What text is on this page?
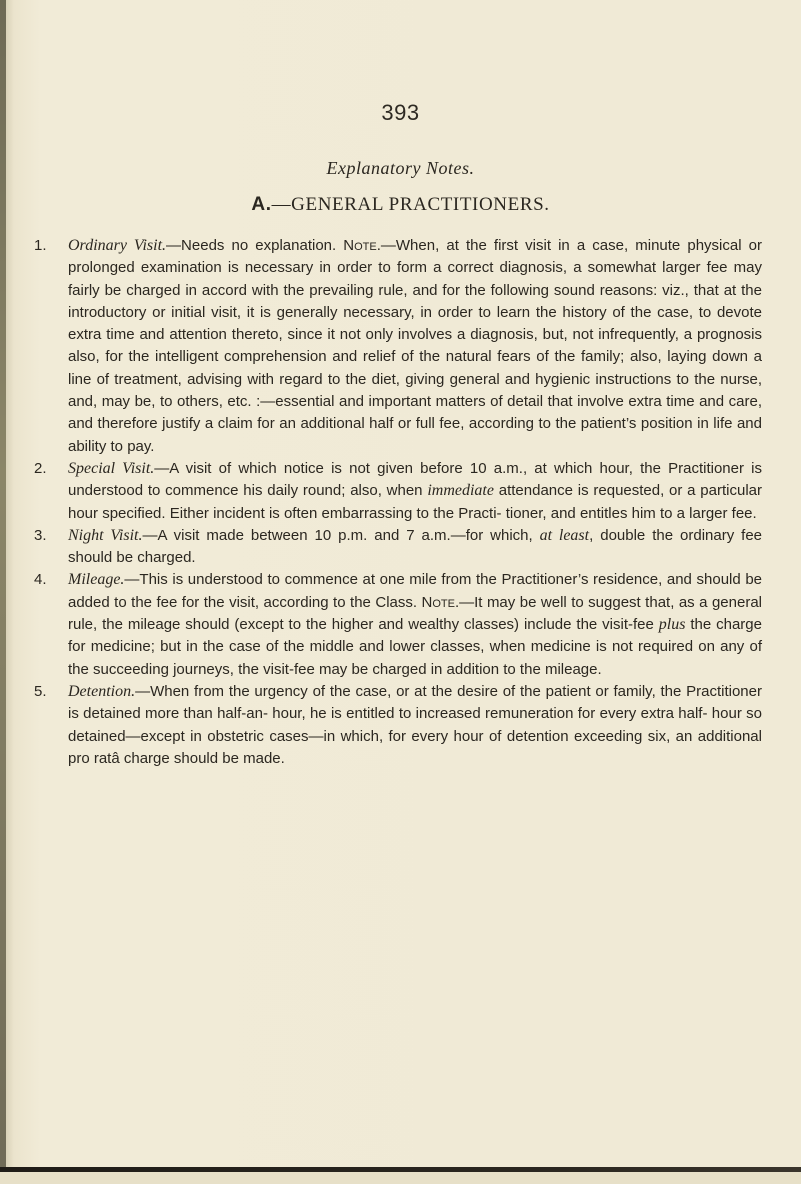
393
Explanatory Notes.
A.—GENERAL PRACTITIONERS.
1. Ordinary Visit.—Needs no explanation. Note.—When, at the first visit in a case, minute physical or prolonged examination is necessary in order to form a correct diagnosis, a somewhat larger fee may fairly be charged in accord with the prevailing rule, and for the following sound reasons: viz., that at the introductory or initial visit, it is generally necessary, in order to learn the history of the case, to devote extra time and attention thereto, since it not only involves a diagnosis, but, not infrequently, a prognosis also, for the intelligent comprehension and relief of the natural fears of the family; also, laying down a line of treatment, advising with regard to the diet, giving general and hygienic instructions to the nurse, and, may be, to others, etc. :—essential and important matters of detail that involve extra time and care, and therefore justify a claim for an additional half or full fee, according to the patient’s position in life and ability to pay.
2. Special Visit.—A visit of which notice is not given before 10 a.m., at which hour, the Practitioner is understood to commence his daily round; also, when immediate attendance is requested, or a particular hour specified. Either incident is often embarrassing to the Practi- tioner, and entitles him to a larger fee.
3. Night Visit.—A visit made between 10 p.m. and 7 a.m.—for which, at least, double the ordinary fee should be charged.
4. Mileage.—This is understood to commence at one mile from the Practitioner’s residence, and should be added to the fee for the visit, according to the Class. Note.—It may be well to suggest that, as a general rule, the mileage should (except to the higher and wealthy classes) include the visit-fee plus the charge for medicine; but in the case of the middle and lower classes, when medicine is not required on any of the succeeding journeys, the visit-fee may be charged in addition to the mileage.
5. Detention.—When from the urgency of the case, or at the desire of the patient or family, the Practitioner is detained more than half-an- hour, he is entitled to increased remuneration for every extra half- hour so detained—except in obstetric cases—in which, for every hour of detention exceeding six, an additional pro ratâ charge should be made.
